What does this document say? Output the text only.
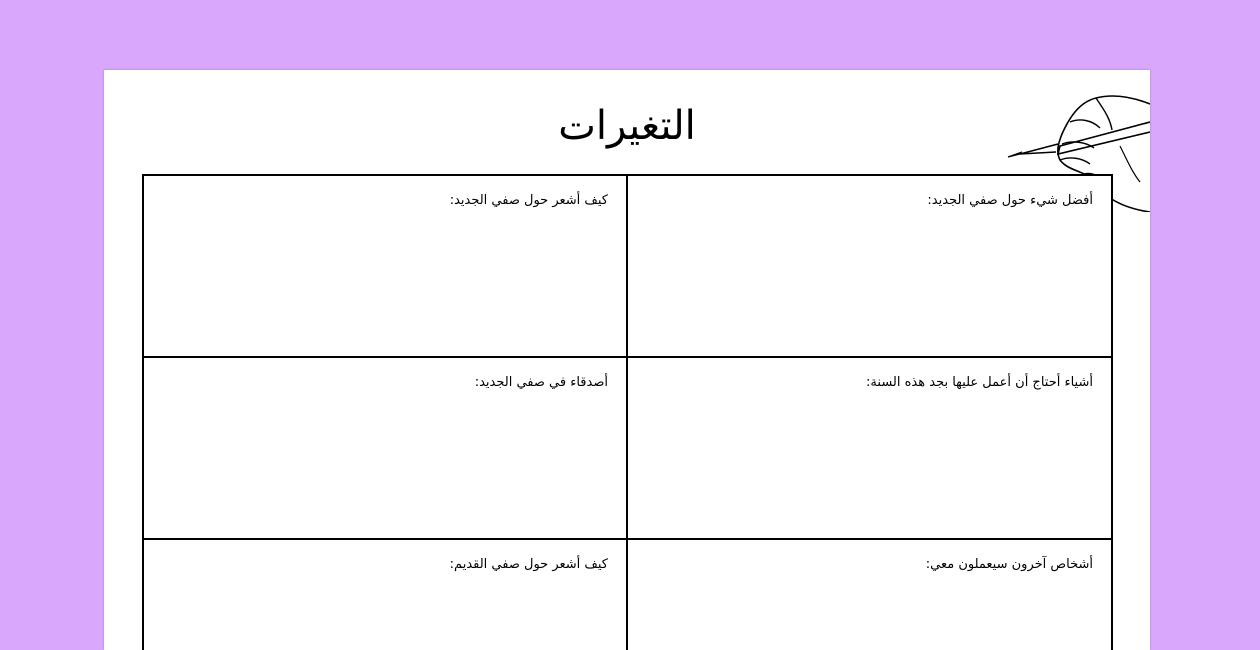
التغيرات
أفضل شيء حول صفي الجديد:
كيف أشعر حول صفي الجديد:
أشياء أحتاج أن أعمل عليها بجد هذه السنة:
أصدقاء في صفي الجديد:
أشخاص آخرون سيعملون معي:
كيف أشعر حول صفي القديم:
